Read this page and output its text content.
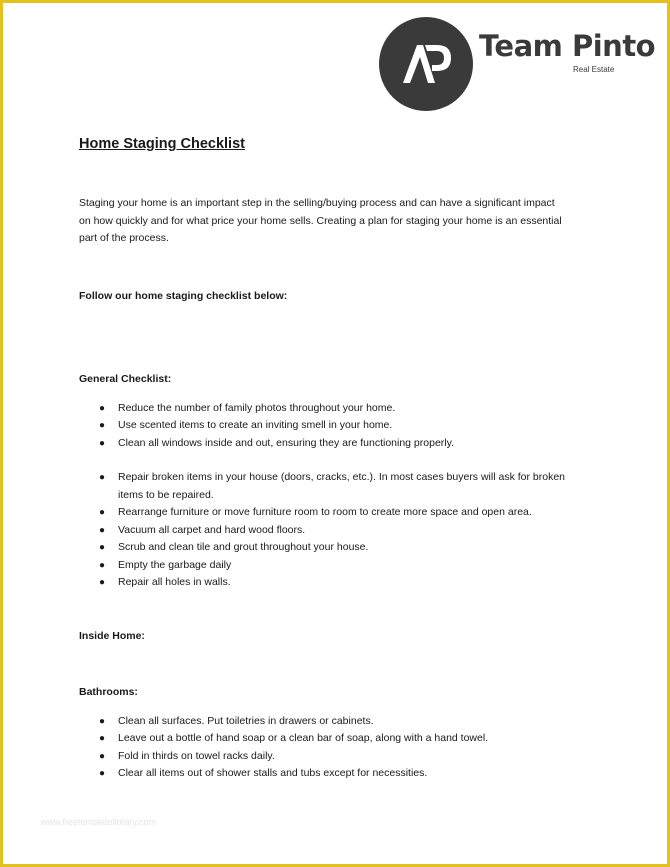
Team Pinto
Real Estate
Home Staging Checklist

Staging your home is an important step in the selling/buying process and can have a significant impact
on how quickly and for what price your home sells. Creating a plan for staging your home is an essential
part of the process.

Follow our home staging checklist below:

General Checklist:

● Reduce the number of family photos throughout your home.
● Use scented items to create an inviting smell in your home.
● Clean all windows inside and out, ensuring they are functioning properly.
● Repair broken items in your house (doors, cracks, etc.). In most cases buyers will ask for broken
items to be repaired.
● Rearrange furniture or move furniture room to room to create more space and open area.
● Vacuum all carpet and hard wood floors.
● Scrub and clean tile and grout throughout your house.
● Empty the garbage daily
● Repair all holes in walls.

Inside Home:

Bathrooms:

● Clean all surfaces. Put toiletries in drawers or cabinets.
● Leave out a bottle of hand soap or a clean bar of soap, along with a hand towel.
● Fold in thirds on towel racks daily.
● Clear all items out of shower stalls and tubs except for necessities.
www.freetemplatelibrary.com
